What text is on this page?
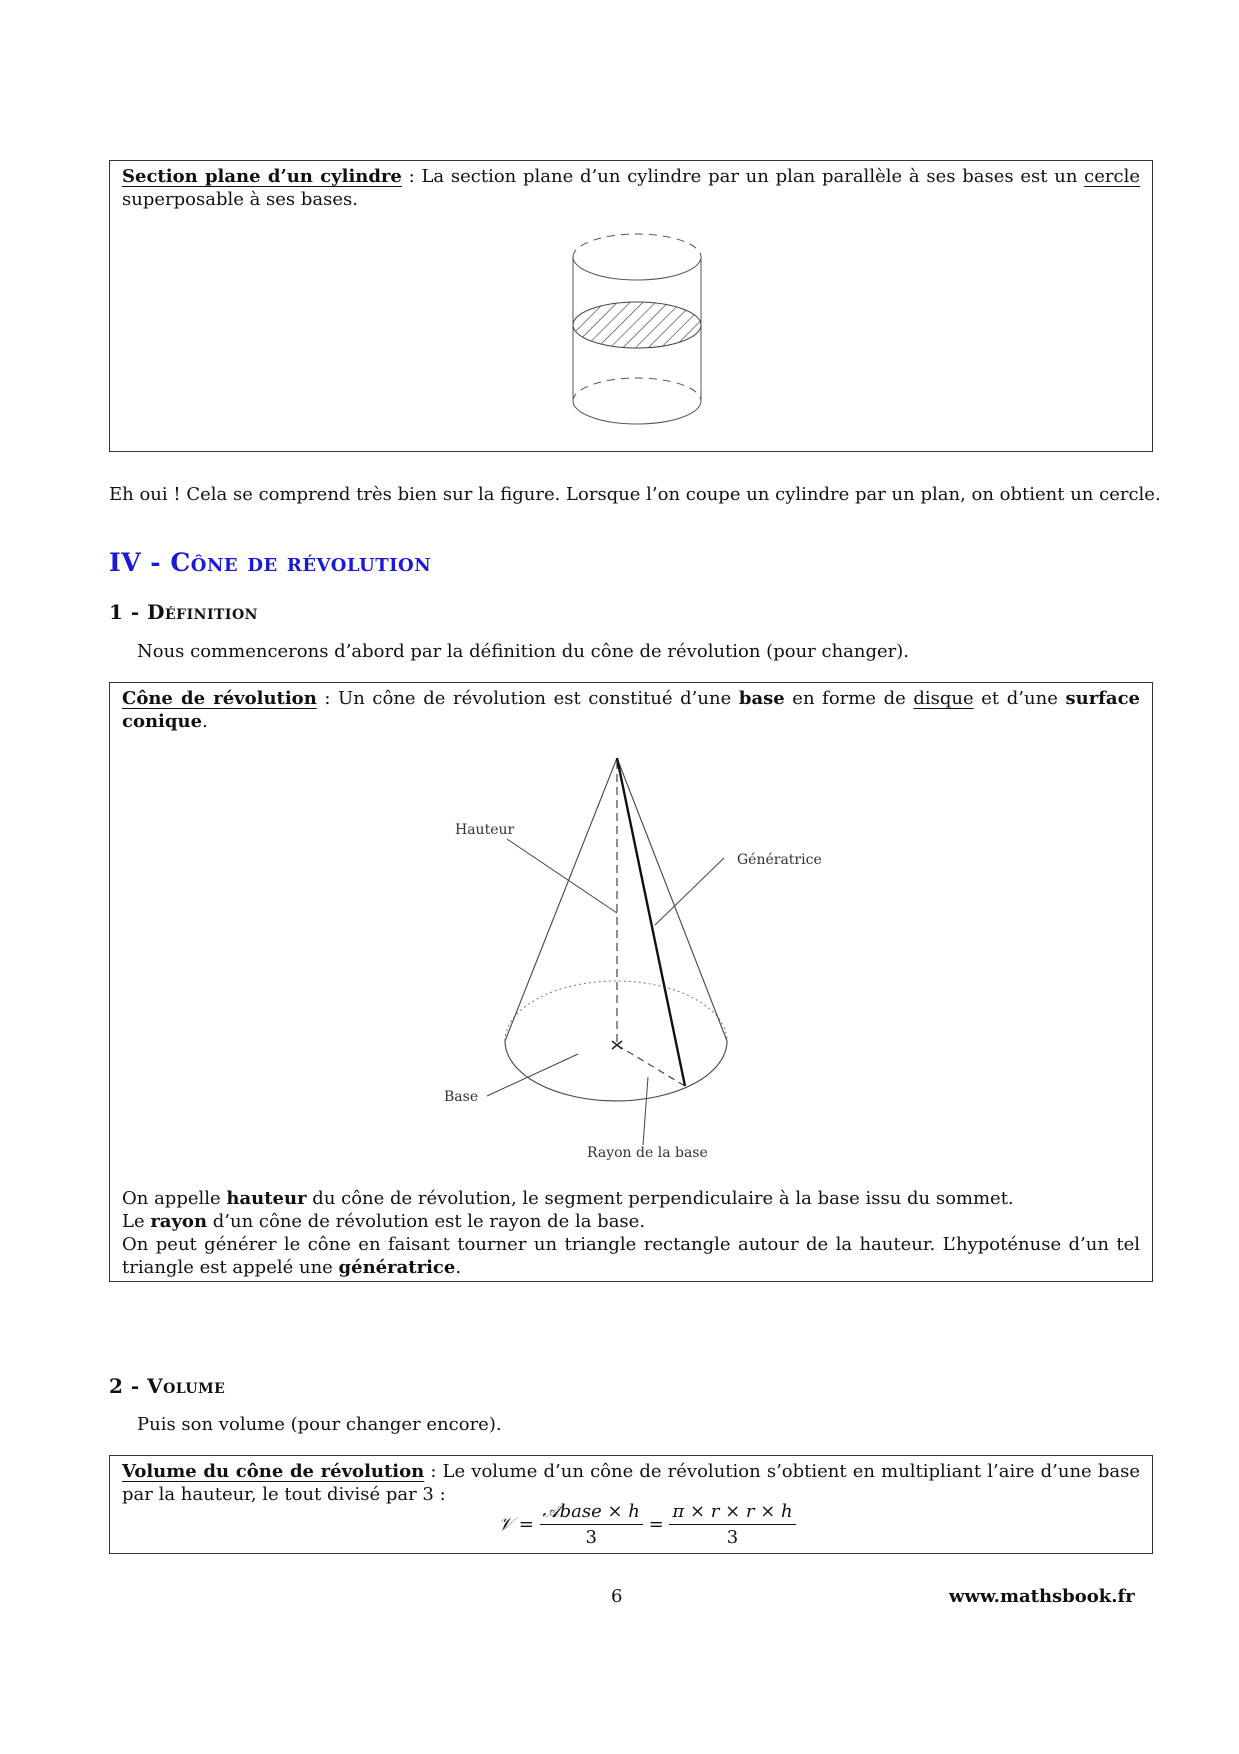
Section plane d’un cylindre : La section plane d’un cylindre par un plan parallèle à ses bases est un cercle superposable à ses bases.
Eh oui ! Cela se comprend très bien sur la figure. Lorsque l’on coupe un cylindre par un plan, on obtient un cercle.
IV - Cône de révolution
1 - Définition
Nous commencerons d’abord par la définition du cône de révolution (pour changer).
Cône de révolution : Un cône de révolution est constitué d’une base en forme de disque et d’une surface conique.
Hauteur
Génératrice
Base
Rayon de la base
On appelle hauteur du cône de révolution, le segment perpendiculaire à la base issu du sommet.
Le rayon d’un cône de révolution est le rayon de la base.
On peut générer le cône en faisant tourner un triangle rectangle autour de la hauteur. L’hypoténuse d’un tel triangle est appelé une génératrice.
2 - Volume
Puis son volume (pour changer encore).
Volume du cône de révolution : Le volume d’un cône de révolution s’obtient en multipliant l’aire d’une base par la hauteur, le tout divisé par 3 :
𝒱 = $\frac{\text{𝒜base × h}}{3} = \frac{\pi \times r \times r \times h}{3}$
6	www.mathsbook.fr
